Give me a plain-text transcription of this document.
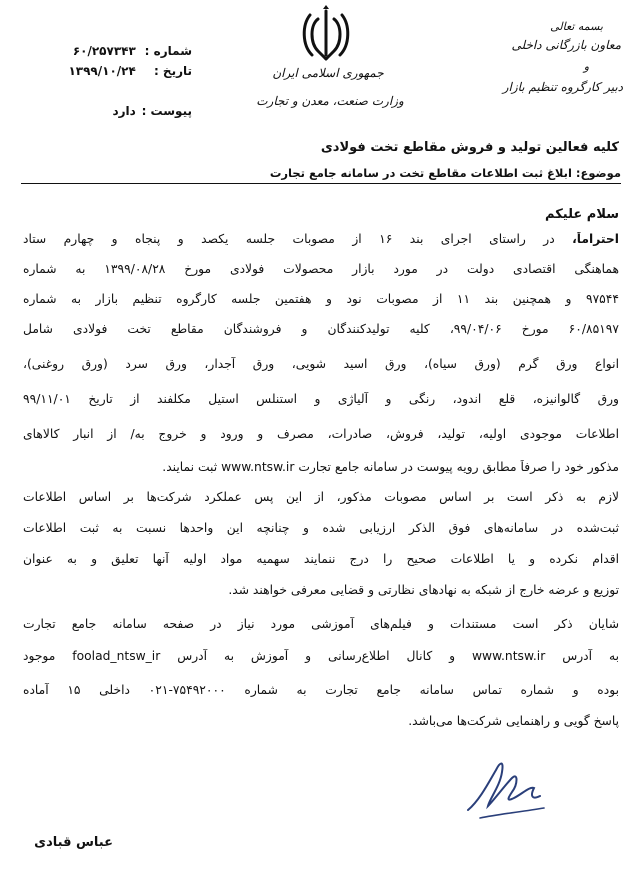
بسمه تعالی
معاون بازرگانی داخلی
و
دبیر کارگروه تنظیم بازار
جمهوری اسلامی ایران
وزارت صنعت، معدن و تجارت
شماره : ۶۰/۲۵۷۳۴۳
تاریخ : ۱۳۹۹/۱۰/۲۴
پیوست : دارد
کلیه فعالین تولید و فروش مقاطع تخت فولادی
موضوع: ابلاغ ثبت اطلاعات مقاطع تخت در سامانه جامع تجارت
سلام علیکم
احتراماً، در راستای اجرای بند ۱۶ از مصوبات جلسه یکصد و پنجاه و چهارم ستاد
هماهنگی اقتصادی دولت در مورد بازار محصولات فولادی مورخ ۱۳۹۹/۰۸/۲۸ به شماره
۹۷۵۴۴ و همچنین بند ۱۱ از مصوبات نود و هفتمین جلسه کارگروه تنظیم بازار به شماره
۶۰/۸۵۱۹۷ مورخ ۹۹/۰۴/۰۶، کلیه تولیدکنندگان و فروشندگان مقاطع تخت فولادی شامل
انواع ورق گرم (ورق سیاه)، ورق اسید شویی، ورق آجدار، ورق سرد (ورق روغنی)،
ورق گالوانیزه، قلع اندود، رنگی و آلیاژی و استنلس استیل مکلفند از تاریخ ۹۹/۱۱/۰۱
اطلاعات موجودی اولیه، تولید، فروش، صادرات، مصرف و ورود و خروج به/ از انبار کالاهای
مذکور خود را صرفاً مطابق رویه پیوست در سامانه جامع تجارت www.ntsw.ir ثبت نمایند.
لازم به ذکر است بر اساس مصوبات مذکور، از این پس عملکرد شرکت‌ها بر اساس اطلاعات
ثبت‌شده در سامانه‌های فوق الذکر ارزیابی شده و چنانچه این واحدها نسبت به ثبت اطلاعات
اقدام نکرده و یا اطلاعات صحیح را درج ننمایند سهمیه مواد اولیه آنها تعلیق و به عنوان
توزیع و عرضه خارج از شبکه به نهادهای نظارتی و قضایی معرفی خواهند شد.
شایان ذکر است مستندات و فیلم‌های آموزشی مورد نیاز در صفحه سامانه جامع تجارت
به آدرس www.ntsw.ir و کانال اطلاع‌رسانی و آموزش به آدرس foolad_ntsw_ir موجود
بوده و شماره تماس سامانه جامع تجارت به شماره ۷۵۴۹۲۰۰۰-۰۲۱ داخلی ۱۵ آماده
پاسخ گویی و راهنمایی شرکت‌ها می‌باشد.
عباس قبادی
